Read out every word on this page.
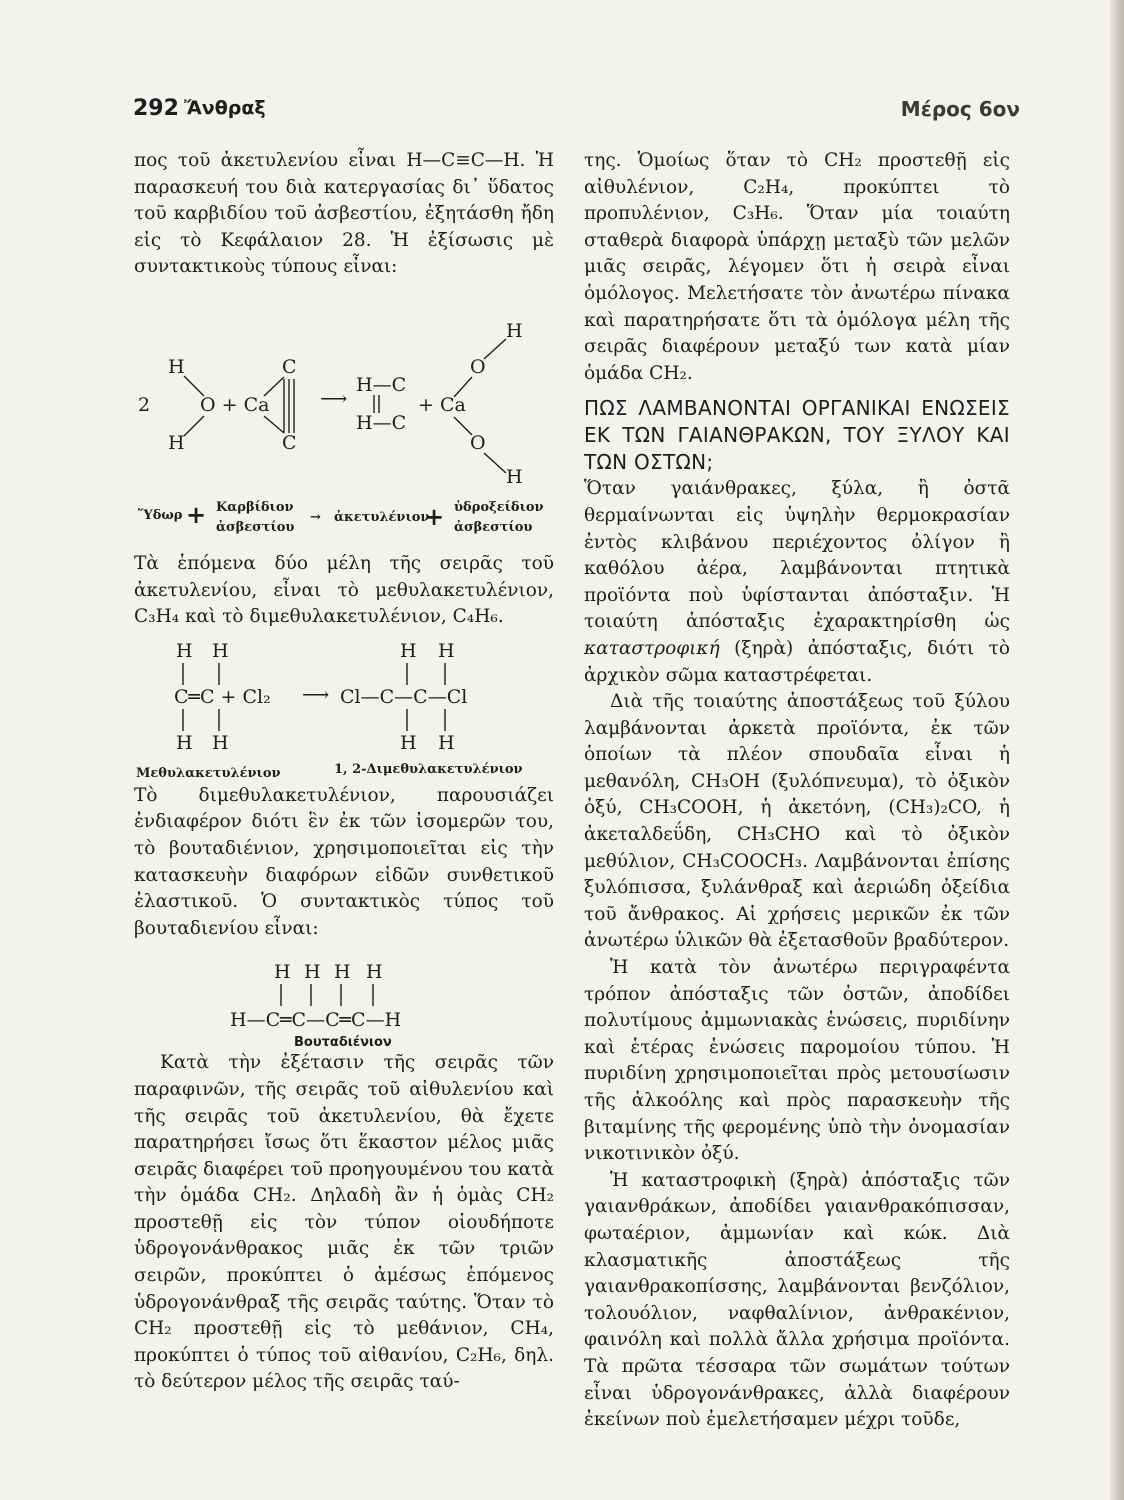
292 Ἄνθραξ	Μέρος 6ον

πος τοῦ ἀκετυλενίου εἶναι H—C≡C—H. Ἡ παρασκευή του διὰ κατεργασίας δι᾽ ὕδατος τοῦ καρβιδίου τοῦ ἀσβεστίου, ἐξητάσθη ἤδη εἰς τὸ Κεφάλαιον 28. Ἡ ἐξίσωσις μὲ συντακτικοὺς τύπους εἶναι:

2
H
H
O + Ca
C
C
⟶
H—C
H—C
+ Ca
O
O
H
H
Ὕδωρ + Καρβίδιον
ἀσβεστίου
→ ἀκετυλένιον
+ ὑδροξείδιον
ἀσβεστίου

Τὰ ἑπόμενα δύο μέλη τῆς σειρᾶς τοῦ ἀκετυλενίου, εἶναι τὸ μεθυλακετυλένιον, C₃H₄ καὶ τὸ διμεθυλακετυλένιον, C₄H₆.

H H
C═C + Cl₂ ⟶ Cl—C—C—Cl
H H
H H
H H
Μεθυλακετυλένιον	1, 2-Διμεθυλακετυλένιον

Τὸ διμεθυλακετυλένιον, παρουσιάζει ἐνδιαφέρον διότι ἓν ἐκ τῶν ἰσομερῶν του, τὸ βουταδιένιον, χρησιμοποιεῖται εἰς τὴν κατασκευὴν διαφόρων εἰδῶν συνθετικοῦ ἐλαστικοῦ. Ὁ συντακτικὸς τύπος τοῦ βουταδιενίου εἶναι:

H H H H
H—C═C—C═C—H
Βουταδιένιον

Κατὰ τὴν ἐξέτασιν τῆς σειρᾶς τῶν παραφινῶν, τῆς σειρᾶς τοῦ αἰθυλενίου καὶ τῆς σειρᾶς τοῦ ἀκετυλενίου, θὰ ἔχετε παρατηρήσει ἴσως ὅτι ἕκαστον μέλος μιᾶς σειρᾶς διαφέρει τοῦ προηγουμένου του κατὰ τὴν ὁμάδα CH₂. Δηλαδὴ ἂν ἡ ὁμὰς CH₂ προστεθῇ εἰς τὸν τύπον οἱουδήποτε ὑδρογονάνθρακος μιᾶς ἐκ τῶν τριῶν σειρῶν, προκύπτει ὁ ἀμέσως ἑπόμενος ὑδρογονάνθραξ τῆς σειρᾶς ταύτης. Ὅταν τὸ CH₂ προστεθῇ εἰς τὸ μεθάνιον, CH₄, προκύπτει ὁ τύπος τοῦ αἰθανίου, C₂H₆, δηλ. τὸ δεύτερον μέλος τῆς σειρᾶς ταύ-

της. Ὁμοίως ὅταν τὸ CH₂ προστεθῇ εἰς αἰθυλένιον, C₂H₄, προκύπτει τὸ προπυλένιον, C₃H₆. Ὅταν μία τοιαύτη σταθερὰ διαφορὰ ὑπάρχῃ μεταξὺ τῶν μελῶν μιᾶς σειρᾶς, λέγομεν ὅτι ἡ σειρὰ εἶναι ὁμόλογος. Μελετήσατε τὸν ἀνωτέρω πίνακα καὶ παρατηρήσατε ὅτι τὰ ὁμόλογα μέλη τῆς σειρᾶς διαφέρουν μεταξύ των κατὰ μίαν ὁμάδα CH₂.

ΠΩΣ ΛΑΜΒΑΝΟΝΤΑΙ ΟΡΓΑΝΙΚΑΙ ΕΝΩΣΕΙΣ ΕΚ ΤΩΝ ΓΑΙΑΝΘΡΑΚΩΝ, ΤΟΥ ΞΥΛΟΥ ΚΑΙ ΤΩΝ ΟΣΤΩΝ;

Ὅταν γαιάνθρακες, ξύλα, ἢ ὀστᾶ θερμαίνωνται εἰς ὑψηλὴν θερμοκρασίαν ἐντὸς κλιβάνου περιέχοντος ὀλίγον ἢ καθόλου ἀέρα, λαμβάνονται πτητικὰ προϊόντα ποὺ ὑφίστανται ἀπόσταξιν. Ἡ τοιαύτη ἀπόσταξις ἐχαρακτηρίσθη ὡς καταστροφική (ξηρὰ) ἀπόσταξις, διότι τὸ ἀρχικὸν σῶμα καταστρέφεται.

Διὰ τῆς τοιαύτης ἀποστάξεως τοῦ ξύλου λαμβάνονται ἀρκετὰ προϊόντα, ἐκ τῶν ὁποίων τὰ πλέον σπουδαῖα εἶναι ἡ μεθανόλη, CH₃OH (ξυλόπνευμα), τὸ ὀξικὸν ὀξύ, CH₃COOH, ἡ ἀκετόνη, (CH₃)₂CO, ἡ ἀκεταλδεΰδη, CH₃CHO καὶ τὸ ὀξικὸν μεθύλιον, CH₃COOCH₃. Λαμβάνονται ἐπίσης ξυλόπισσα, ξυλάνθραξ καὶ ἀεριώδη ὀξείδια τοῦ ἄνθρακος. Αἱ χρήσεις μερικῶν ἐκ τῶν ἀνωτέρω ὑλικῶν θὰ ἐξετασθοῦν βραδύτερον.

Ἡ κατὰ τὸν ἀνωτέρω περιγραφέντα τρόπον ἀπόσταξις τῶν ὀστῶν, ἀποδίδει πολυτίμους ἀμμωνιακὰς ἑνώσεις, πυριδίνην καὶ ἑτέρας ἑνώσεις παρομοίου τύπου. Ἡ πυριδίνη χρησιμοποιεῖται πρὸς μετουσίωσιν τῆς ἀλκοόλης καὶ πρὸς παρασκευὴν τῆς βιταμίνης τῆς φερομένης ὑπὸ τὴν ὀνομασίαν νικοτινικὸν ὀξύ.

Ἡ καταστροφικὴ (ξηρὰ) ἀπόσταξις τῶν γαιανθράκων, ἀποδίδει γαιανθρακόπισσαν, φωταέριον, ἀμμωνίαν καὶ κώκ. Διὰ κλασματικῆς ἀποστάξεως τῆς γαιανθρακοπίσσης, λαμβάνονται βενζόλιον, τολουόλιον, ναφθαλίνιον, ἀνθρακένιον, φαινόλη καὶ πολλὰ ἄλλα χρήσιμα προϊόντα. Τὰ πρῶτα τέσσαρα τῶν σωμάτων τούτων εἶναι ὑδρογονάνθρακες, ἀλλὰ διαφέρουν ἐκείνων ποὺ ἐμελετήσαμεν μέχρι τοῦδε,
